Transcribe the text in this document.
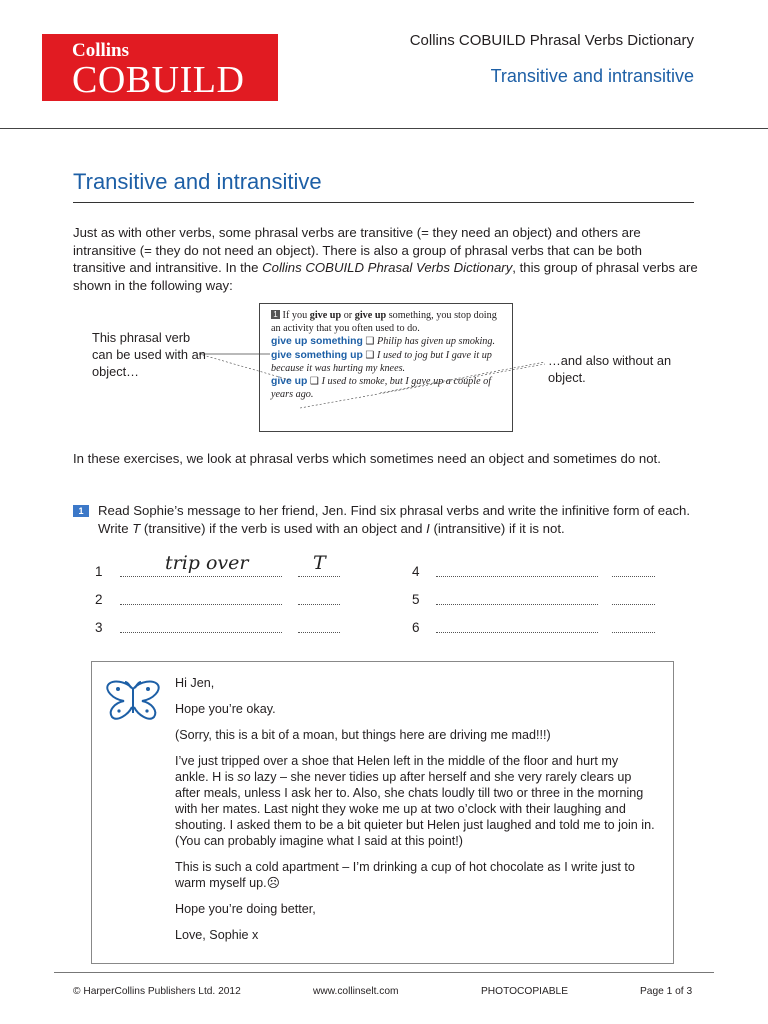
Collins
COBUILD
Collins COBUILD Phrasal Verbs Dictionary
Transitive and intransitive
Transitive and intransitive
Just as with other verbs, some phrasal verbs are transitive (= they need an object) and others are intransitive (= they do not need an object). There is also a group of phrasal verbs that can be both transitive and intransitive. In the Collins COBUILD Phrasal Verbs Dictionary, this group of phrasal verbs are shown in the following way:
1 If you give up or give up something, you stop doing an activity that you often used to do.
give up something ❑ Philip has given up smoking.
give something up ❑ I used to jog but I gave it up because it was hurting my knees.
give up ❑ I used to smoke, but I gave up a couple of years ago.
This phrasal verb can be used with an object…
…and also without an object.
In these exercises, we look at phrasal verbs which sometimes need an object and sometimes do not.
1	Read Sophie’s message to her friend, Jen. Find six phrasal verbs and write the infinitive form of each. Write T (transitive) if the verb is used with an object and I (intransitive) if it is not.
1	trip over	T
2
3
4
5
6

Hi Jen,

Hope you’re okay.

(Sorry, this is a bit of a moan, but things here are driving me mad!!!)

I’ve just tripped over a shoe that Helen left in the middle of the floor and hurt my ankle. H is so lazy – she never tidies up after herself and she very rarely clears up after meals, unless I ask her to. Also, she chats loudly till two or three in the morning with her mates. Last night they woke me up at two o’clock with their laughing and shouting. I asked them to be a bit quieter but Helen just laughed and told me to join in. (You can probably imagine what I said at this point!)

This is such a cold apartment – I’m drinking a cup of hot chocolate as I write just to warm myself up.☹

Hope you’re doing better,

Love, Sophie x

© HarperCollins Publishers Ltd. 2012	www.collinselt.com	PHOTOCOPIABLE	Page 1 of 3
